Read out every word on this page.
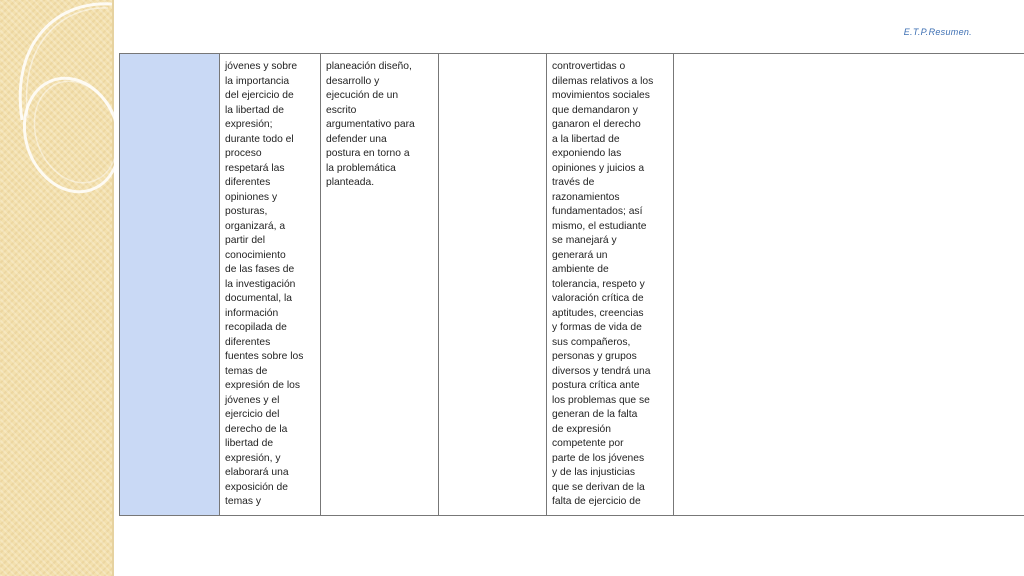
E.T.P.Resumen.
jóvenes y sobre
la importancia
del ejercicio de
la libertad de
expresión;
durante todo el
proceso
respetará las
diferentes
opiniones y
posturas,
organizará, a
partir del
conocimiento
de las fases de
la investigación
documental, la
información
recopilada de
diferentes
fuentes sobre los
temas de
expresión de los
jóvenes y el
ejercicio del
derecho de la
libertad de
expresión, y
elaborará una
exposición de
temas y
planeación diseño,
desarrollo y
ejecución de un
escrito
argumentativo para
defender una
postura en torno a
la problemática
planteada.
controvertidas o
dilemas relativos a los
movimientos sociales
que demandaron y
ganaron el derecho
a la libertad de
exponiendo las
opiniones y juicios a
través de
razonamientos
fundamentados; así
mismo, el estudiante
se manejará y
generará un
ambiente de
tolerancia, respeto y
valoración crítica de
aptitudes, creencias
y formas de vida de
sus compañeros,
personas y grupos
diversos y tendrá una
postura crítica ante
los problemas que se
generan de la falta
de expresión
competente por
parte de los jóvenes
y de las injusticias
que se derivan de la
falta de ejercicio de
